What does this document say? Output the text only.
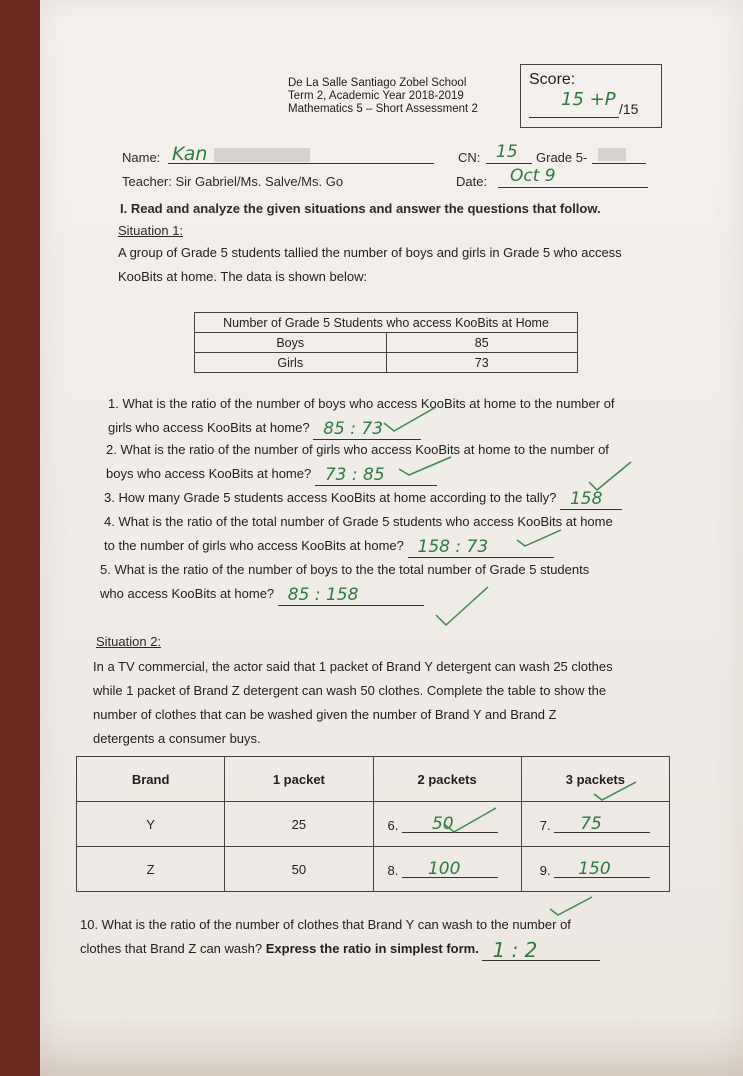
De La Salle Santiago Zobel School
Term 2, Academic Year 2018-2019
Mathematics 5 – Short Assessment 2
Score:
15 +P /15
Name: Kan	CN: 15 Grade 5-
Teacher: Sir Gabriel/Ms. Salve/Ms. Go	Date: Oct 9
I. Read and analyze the given situations and answer the questions that follow.
Situation 1:
A group of Grade 5 students tallied the number of boys and girls in Grade 5 who access
KooBits at home. The data is shown below:
Number of Grade 5 Students who access KooBits at Home	
Boys	85
Girls	73
1. What is the ratio of the number of boys who access KooBits at home to the number of
girls who access KooBits at home? 85 : 73
2. What is the ratio of the number of girls who access KooBits at home to the number of
boys who access KooBits at home? 73 : 85
3. How many Grade 5 students access KooBits at home according to the tally? 158
4. What is the ratio of the total number of Grade 5 students who access KooBits at home
to the number of girls who access KooBits at home? 158 : 73
5. What is the ratio of the number of boys to the the total number of Grade 5 students
who access KooBits at home? 85 : 158
Situation 2:
In a TV commercial, the actor said that 1 packet of Brand Y detergent can wash 25 clothes
while 1 packet of Brand Z detergent can wash 50 clothes. Complete the table to show the
number of clothes that can be washed given the number of Brand Y and Brand Z
detergents a consumer buys.
Brand	1 packet	2 packets	3 packets
Y	25	6. 50	7. 75

Z	50	8. 100	9. 150
10. What is the ratio of the number of clothes that Brand Y can wash to the number of
clothes that Brand Z can wash? Express the ratio in simplest form. 1 : 2
